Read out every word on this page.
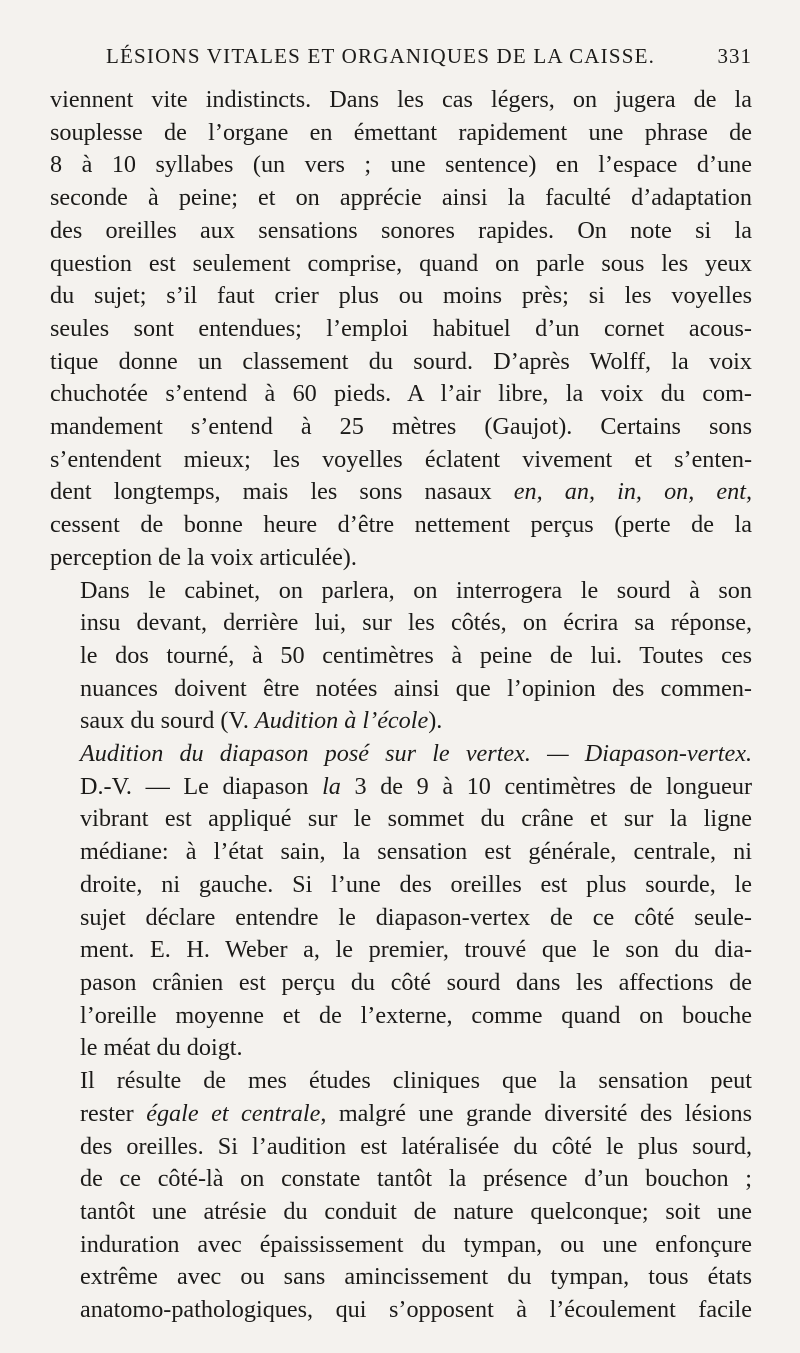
LÉSIONS VITALES ET ORGANIQUES DE LA CAISSE.	331

viennent vite indistincts. Dans les cas légers, on jugera de la
souplesse de l’organe en émettant rapidement une phrase de
8 à 10 syllabes (un vers ; une sentence) en l’espace d’une
seconde à peine; et on apprécie ainsi la faculté d’adaptation
des oreilles aux sensations sonores rapides. On note si la
question est seulement comprise, quand on parle sous les yeux
du sujet; s’il faut crier plus ou moins près; si les voyelles
seules sont entendues; l’emploi habituel d’un cornet acous-
tique donne un classement du sourd. D’après Wolff, la voix
chuchotée s’entend à 60 pieds. A l’air libre, la voix du com-
mandement s’entend à 25 mètres (Gaujot). Certains sons
s’entendent mieux; les voyelles éclatent vivement et s’enten-
dent longtemps, mais les sons nasaux en, an, in, on, ent,
cessent de bonne heure d’être nettement perçus (perte de la
perception de la voix articulée).

Dans le cabinet, on parlera, on interrogera le sourd à son
insu devant, derrière lui, sur les côtés, on écrira sa réponse,
le dos tourné, à 50 centimètres à peine de lui. Toutes ces
nuances doivent être notées ainsi que l’opinion des commen-
saux du sourd (V. Audition à l’école).

Audition du diapason posé sur le vertex. — Diapason-vertex.
D.-V. — Le diapason la 3 de 9 à 10 centimètres de longueur
vibrant est appliqué sur le sommet du crâne et sur la ligne
médiane: à l’état sain, la sensation est générale, centrale, ni
droite, ni gauche. Si l’une des oreilles est plus sourde, le
sujet déclare entendre le diapason-vertex de ce côté seule-
ment. E. H. Weber a, le premier, trouvé que le son du dia-
pason crânien est perçu du côté sourd dans les affections de
l’oreille moyenne et de l’externe, comme quand on bouche
le méat du doigt.

Il résulte de mes études cliniques que la sensation peut
rester égale et centrale, malgré une grande diversité des lésions
des oreilles. Si l’audition est latéralisée du côté le plus sourd,
de ce côté-là on constate tantôt la présence d’un bouchon ;
tantôt une atrésie du conduit de nature quelconque; soit une
induration avec épaississement du tympan, ou une enfonçure
extrême avec ou sans amincissement du tympan, tous états
anatomo-pathologiques, qui s’opposent à l’écoulement facile
